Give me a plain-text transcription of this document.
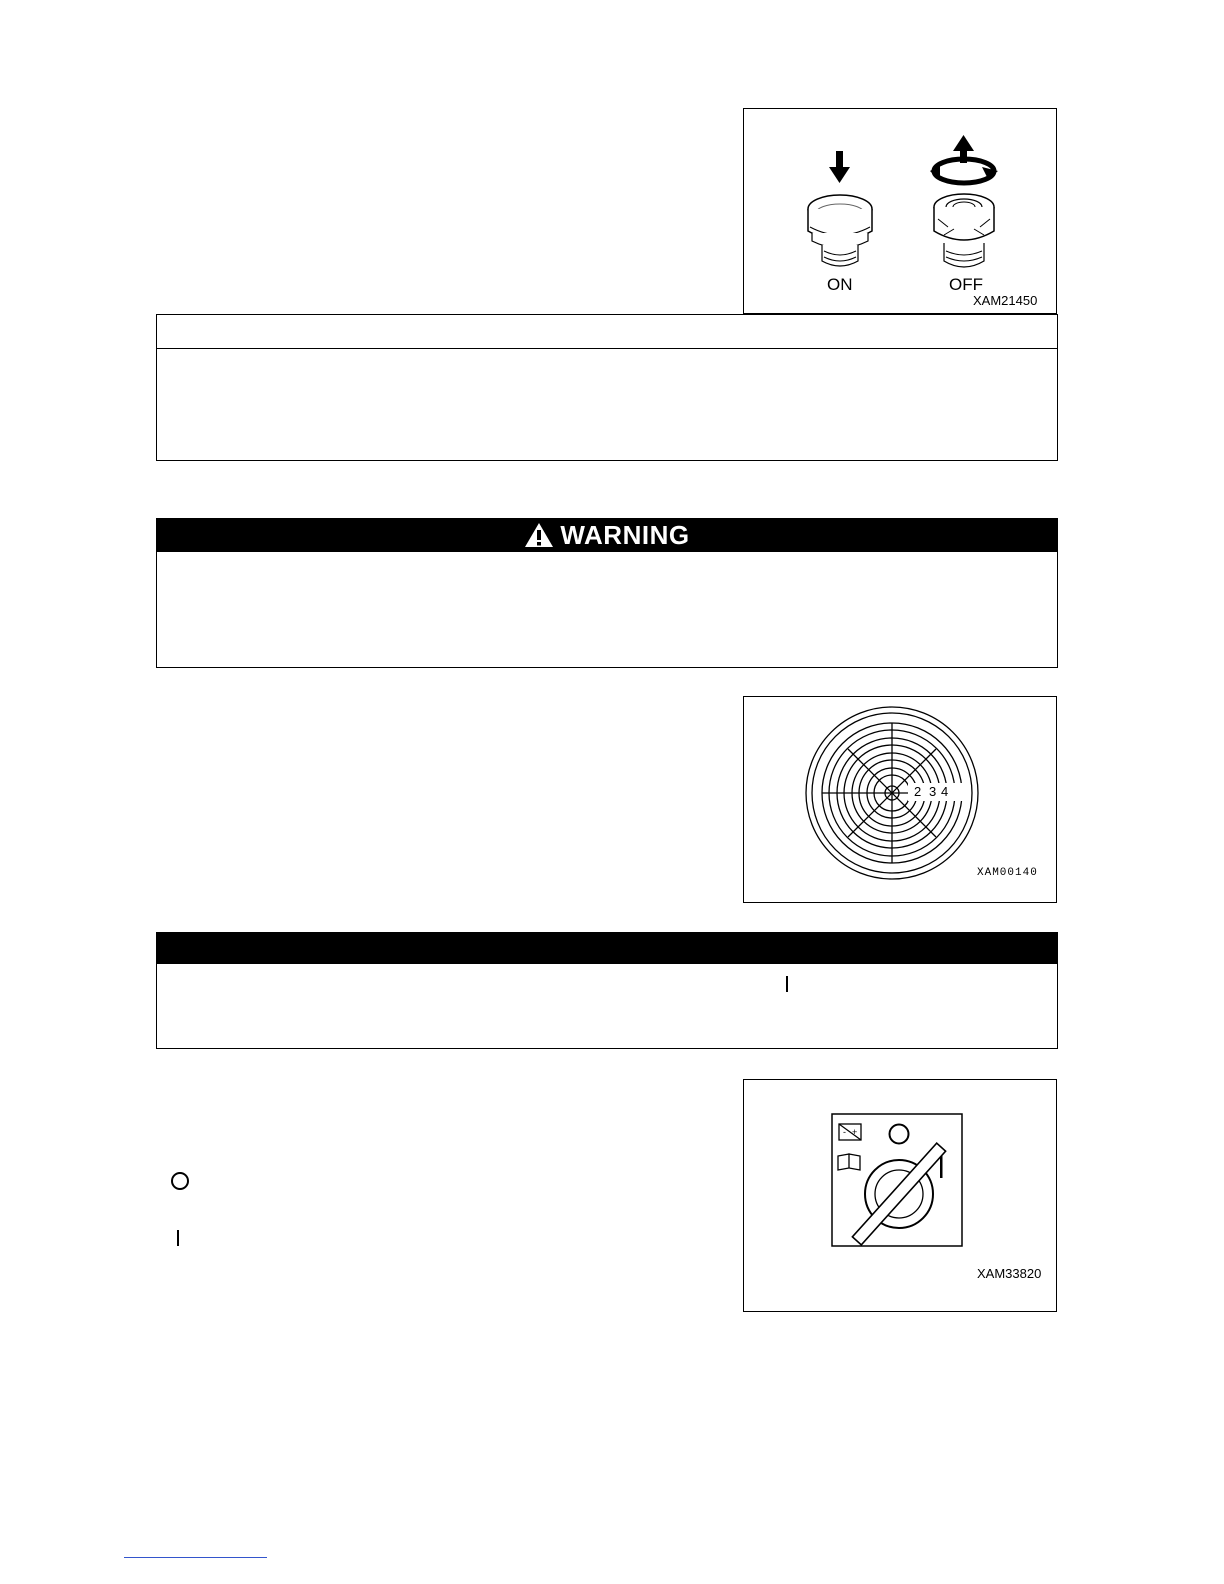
ON	OFF
XAM21450
WARNING
2 3 4
XAM00140
- +
XAM33820
